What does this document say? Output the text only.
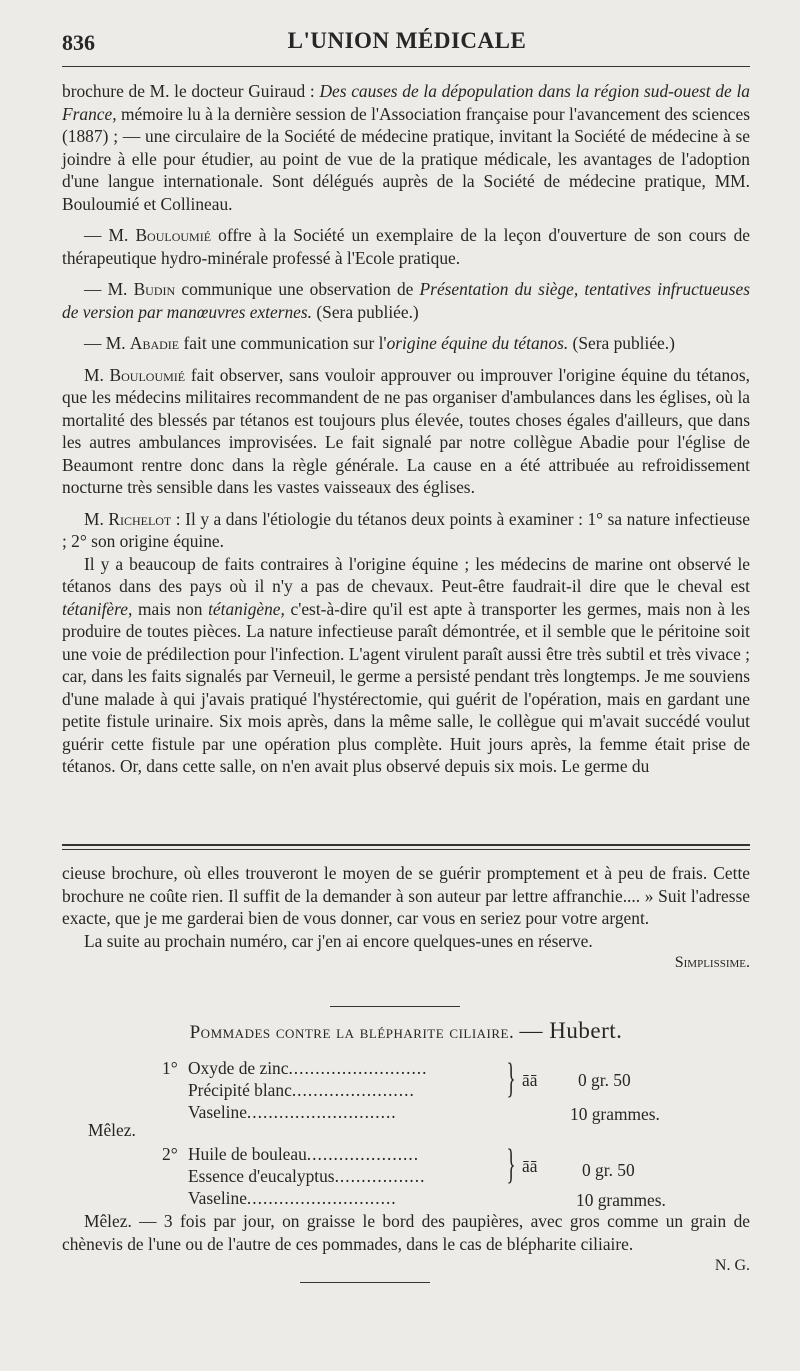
836	L'UNION MÉDICALE

brochure de M. le docteur Guiraud : Des causes de la dépopulation dans la région sud-ouest de la France, mémoire lu à la dernière session de l'Association française pour l'avancement des sciences (1887) ; — une circulaire de la Société de médecine pratique, invitant la Société de médecine à se joindre à elle pour étudier, au point de vue de la pratique médicale, les avantages de l'adoption d'une langue internationale. Sont délégués auprès de la Société de médecine pratique, MM. Bouloumié et Collineau.

— M. Bouloumié offre à la Société un exemplaire de la leçon d'ouverture de son cours de thérapeutique hydro-minérale professé à l'Ecole pratique.

— M. Budin communique une observation de Présentation du siège, tentatives infructueuses de version par manœuvres externes. (Sera publiée.)

— M. Abadie fait une communication sur l'origine équine du tétanos. (Sera publiée.)

M. Bouloumié fait observer, sans vouloir approuver ou improuver l'origine équine du tétanos, que les médecins militaires recommandent de ne pas organiser d'ambulances dans les églises, où la mortalité des blessés par tétanos est toujours plus élevée, toutes choses égales d'ailleurs, que dans les autres ambulances improvisées. Le fait signalé par notre collègue Abadie pour l'église de Beaumont rentre donc dans la règle générale. La cause en a été attribuée au refroidissement nocturne très sensible dans les vastes vaisseaux des églises.

M. Richelot : Il y a dans l'étiologie du tétanos deux points à examiner : 1° sa nature infectieuse ; 2° son origine équine.

Il y a beaucoup de faits contraires à l'origine équine ; les médecins de marine ont observé le tétanos dans des pays où il n'y a pas de chevaux. Peut-être faudrait-il dire que le cheval est tétanifère, mais non tétanigène, c'est-à-dire qu'il est apte à transporter les germes, mais non à les produire de toutes pièces. La nature infectieuse paraît démontrée, et il semble que le péritoine soit une voie de prédilection pour l'infection. L'agent virulent paraît aussi être très subtil et très vivace ; car, dans les faits signalés par Verneuil, le germe a persisté pendant très longtemps. Je me souviens d'une malade à qui j'avais pratiqué l'hystérectomie, qui guérit de l'opération, mais en gardant une petite fistule urinaire. Six mois après, dans la même salle, le collègue qui m'avait succédé voulut guérir cette fistule par une opération plus complète. Huit jours après, la femme était prise de tétanos. Or, dans cette salle, on n'en avait plus observé depuis six mois. Le germe du

cieuse brochure, où elles trouveront le moyen de se guérir promptement et à peu de frais. Cette brochure ne coûte rien. Il suffit de la demander à son auteur par lettre affranchie.... » Suit l'adresse exacte, que je me garderai bien de vous donner, car vous en seriez pour votre argent.

La suite au prochain numéro, car j'en ai encore quelques-unes en réserve.

Simplissime.

Pommades contre la blépharite ciliaire. — Hubert.
1° Oxyde de zinc..........................
Précipité blanc....................... } āā 0 gr. 50
Vaseline............................	10 grammes.
Mêlez.
2° Huile de bouleau.....................
Essence d'eucalyptus................. } āā	0 gr. 50
Vaseline............................	10 grammes.

Mêlez. — 3 fois par jour, on graisse le bord des paupières, avec gros comme un grain de chènevis de l'une ou de l'autre de ces pommades, dans le cas de blépharite ciliaire.

N. G.
